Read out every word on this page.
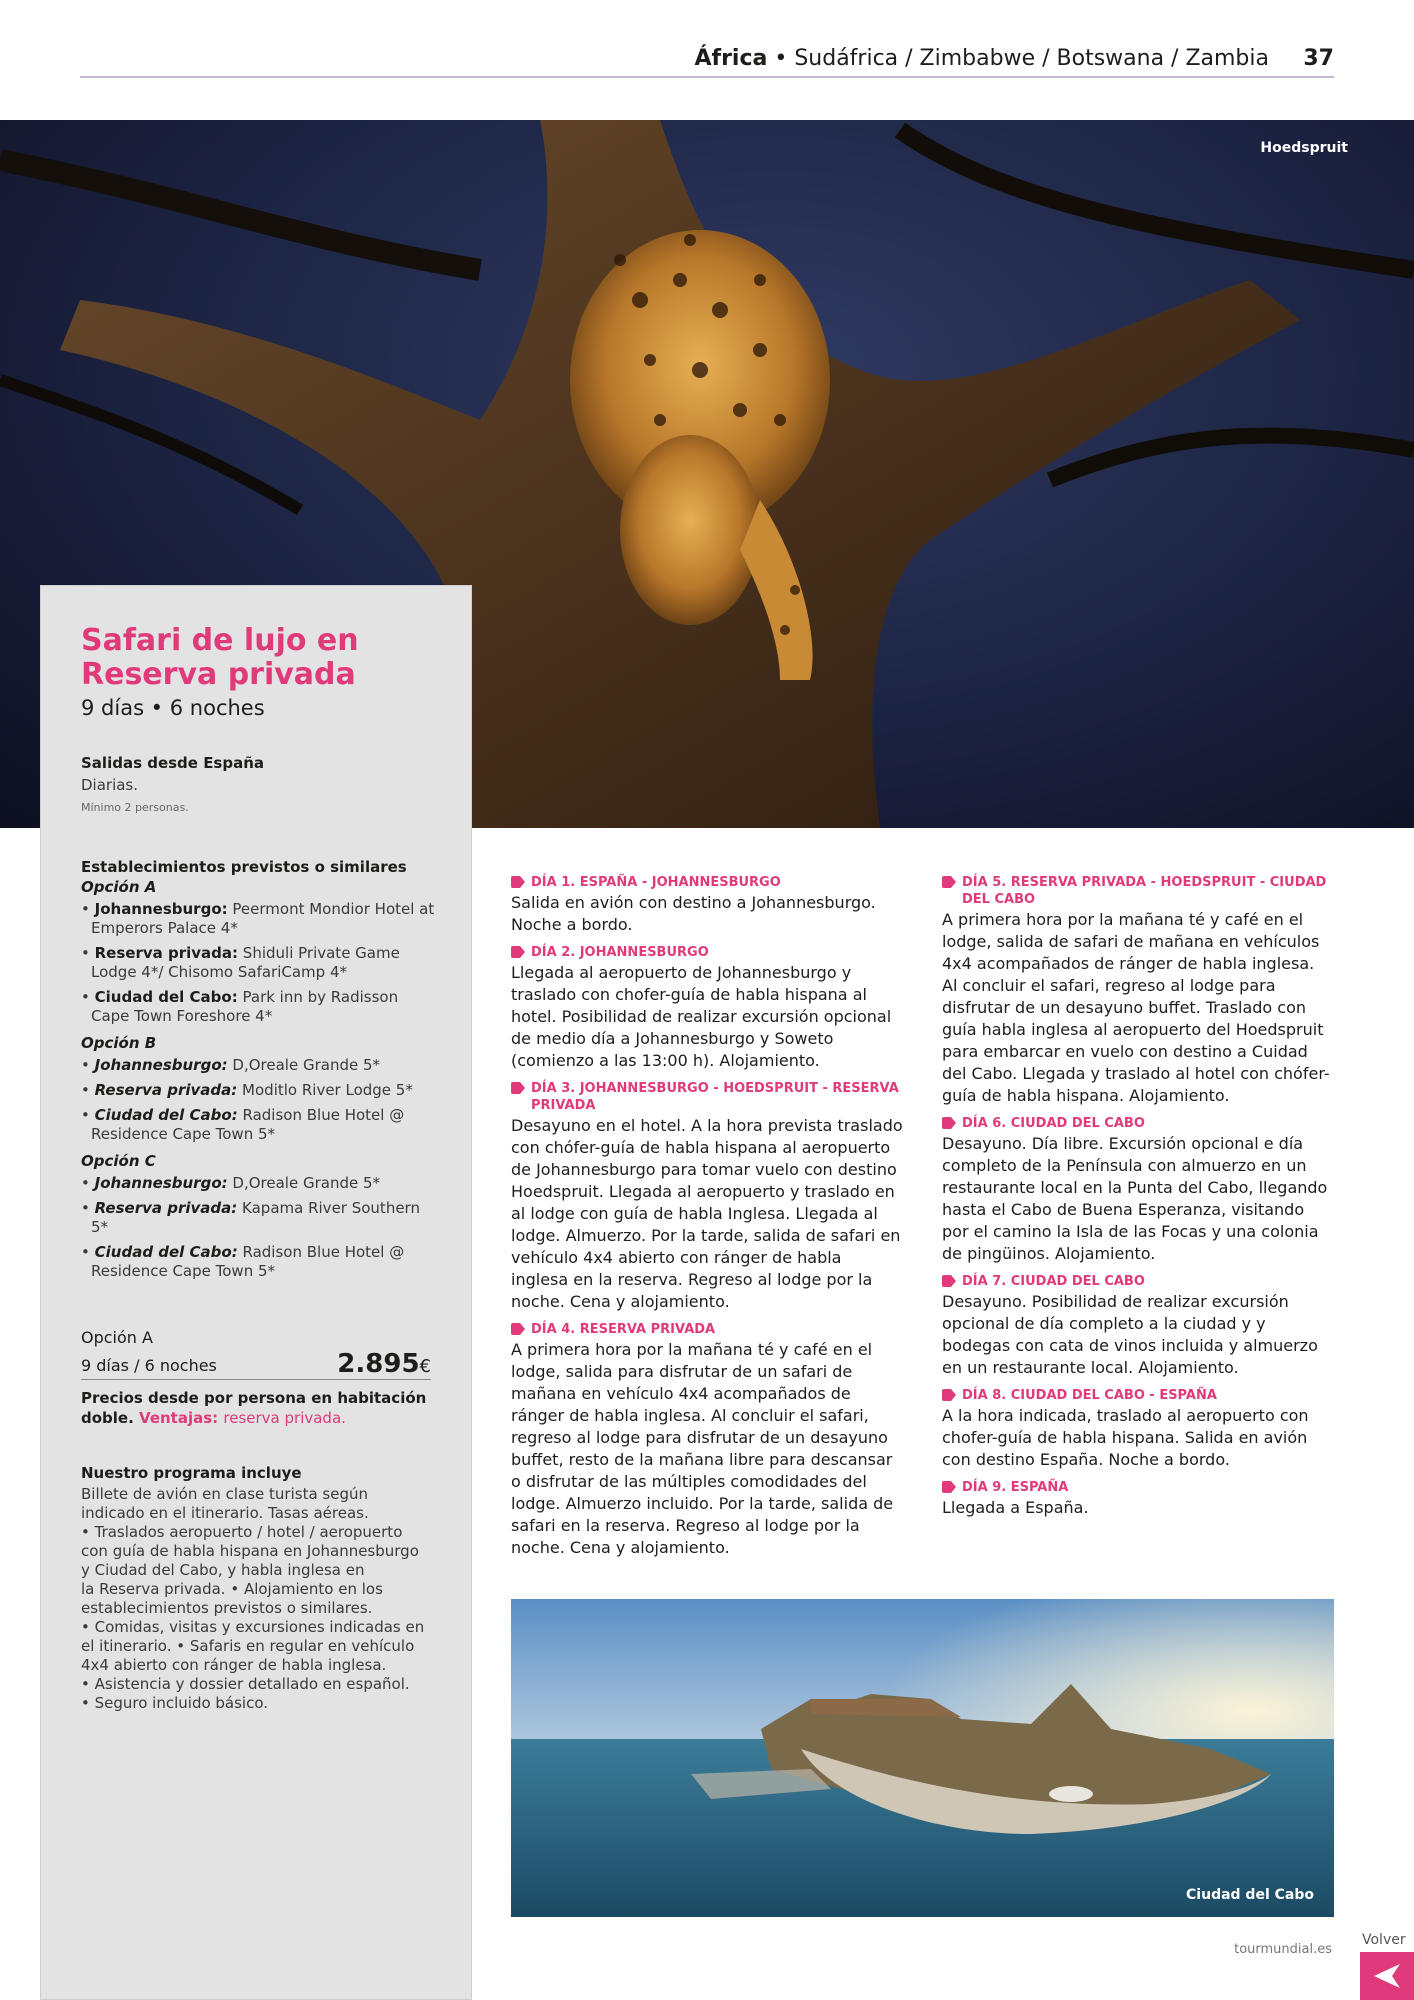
África • Sudáfrica / Zimbabwe / Botswana / Zambia 37
Hoedspruit
Safari de lujo en
Reserva privada
9 días • 6 noches
Salidas desde España
Diarias.
Mínimo 2 personas.
Establecimientos previstos o similares
Opción A
• Johannesburgo: Peermont Mondior Hotel at Emperors Palace 4*
• Reserva privada: Shiduli Private Game Lodge 4*/ Chisomo SafariCamp 4*
• Ciudad del Cabo: Park inn by Radisson Cape Town Foreshore 4*
Opción B
• Johannesburgo: D,Oreale Grande 5*
• Reserva privada: Moditlo River Lodge 5*
• Ciudad del Cabo: Radison Blue Hotel @ Residence Cape Town 5*
Opción C
• Johannesburgo: D,Oreale Grande 5*
• Reserva privada: Kapama River Southern 5*
• Ciudad del Cabo: Radison Blue Hotel @ Residence Cape Town 5*
Opción A
9 días / 6 noches	2.895€
Precios desde por persona en habitación doble. Ventajas: reserva privada.
Nuestro programa incluye
Billete de avión en clase turista según
indicado en el itinerario. Tasas aéreas.
• Traslados aeropuerto / hotel / aeropuerto
con guía de habla hispana en Johannesburgo
y Ciudad del Cabo, y habla inglesa en
la Reserva privada. • Alojamiento en los
establecimientos previstos o similares.
• Comidas, visitas y excursiones indicadas en
el itinerario. • Safaris en regular en vehículo
4x4 abierto con ránger de habla inglesa.
• Asistencia y dossier detallado en español.
• Seguro incluido básico.
DÍA 1. ESPAÑA - JOHANNESBURGO
Salida en avión con destino a Johannesburgo. Noche a bordo.
DÍA 2. JOHANNESBURGO
Llegada al aeropuerto de Johannesburgo y traslado con chofer-guía de habla hispana al hotel. Posibilidad de realizar excursión opcional de medio día a Johannesburgo y Soweto (comienzo a las 13:00 h). Alojamiento.
DÍA 3. JOHANNESBURGO - HOEDSPRUIT - RESERVA PRIVADA
Desayuno en el hotel. A la hora prevista traslado con chófer-guía de habla hispana al aeropuerto de Johannesburgo para tomar vuelo con destino Hoedspruit. Llegada al aeropuerto y traslado en al lodge con guía de habla Inglesa. Llegada al lodge. Almuerzo. Por la tarde, salida de safari en vehículo 4x4 abierto con ránger de habla inglesa en la reserva. Regreso al lodge por la noche. Cena y alojamiento.
DÍA 4. RESERVA PRIVADA
A primera hora por la mañana té y café en el lodge, salida para disfrutar de un safari de mañana en vehículo 4x4 acompañados de ránger de habla inglesa. Al concluir el safari, regreso al lodge para disfrutar de un desayuno buffet, resto de la mañana libre para descansar o disfrutar de las múltiples comodidades del lodge. Almuerzo incluido. Por la tarde, salida de safari en la reserva. Regreso al lodge por la noche. Cena y alojamiento.
DÍA 5. RESERVA PRIVADA - HOEDSPRUIT - CIUDAD DEL CABO
A primera hora por la mañana té y café en el lodge, salida de safari de mañana en vehículos 4x4 acompañados de ránger de habla inglesa. Al concluir el safari, regreso al lodge para disfrutar de un desayuno buffet. Traslado con guía habla inglesa al aeropuerto del Hoedspruit para embarcar en vuelo con destino a Cuidad del Cabo. Llegada y traslado al hotel con chófer-guía de habla hispana. Alojamiento.
DÍA 6. CIUDAD DEL CABO
Desayuno. Día libre. Excursión opcional e día completo de la Península con almuerzo en un restaurante local en la Punta del Cabo, llegando hasta el Cabo de Buena Esperanza, visitando por el camino la Isla de las Focas y una colonia de pingüinos. Alojamiento.
DÍA 7. CIUDAD DEL CABO
Desayuno. Posibilidad de realizar excursión opcional de día completo a la ciudad y y bodegas con cata de vinos incluida y almuerzo en un restaurante local. Alojamiento.
DÍA 8. CIUDAD DEL CABO - ESPAÑA
A la hora indicada, traslado al aeropuerto con chofer-guía de habla hispana. Salida en avión con destino España. Noche a bordo.
DÍA 9. ESPAÑA
Llegada a España.
Ciudad del Cabo
tourmundial.es
Volver
